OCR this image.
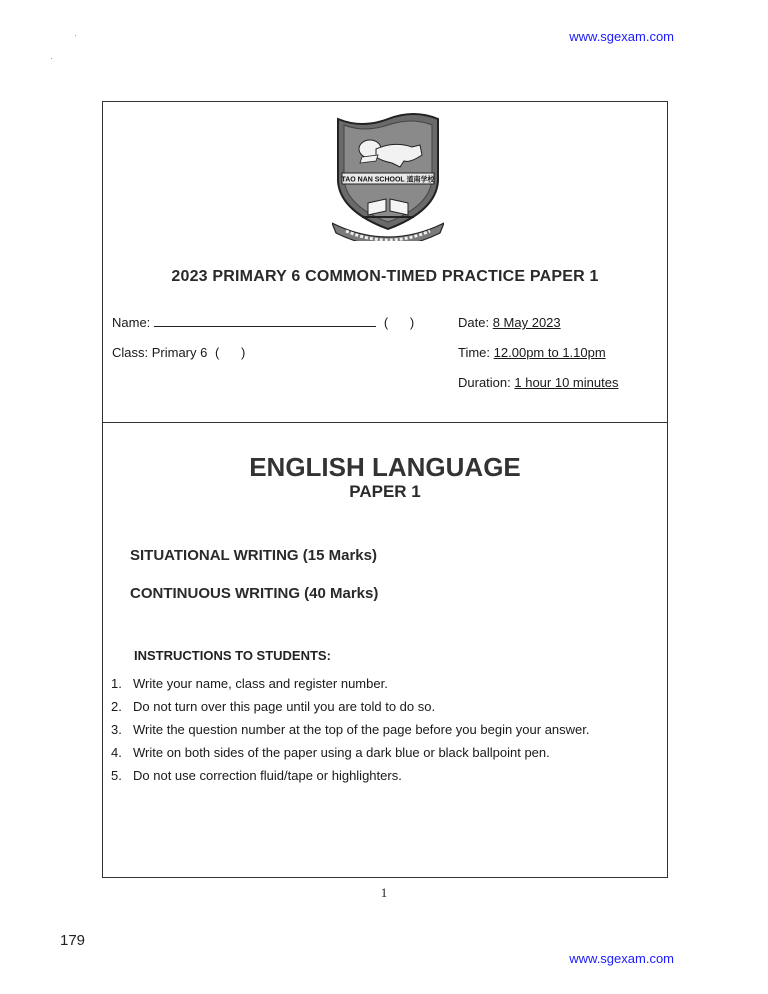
www.sgexam.com
TAO NAN SCHOOL 道南学校
2023 PRIMARY 6 COMMON-TIMED PRACTICE PAPER 1
Name:	(      )	Date: 8 May 2023
Class: Primary 6 (      )	Time: 12.00pm to 1.10pm
Duration: 1 hour 10 minutes
ENGLISH LANGUAGE
PAPER 1
SITUATIONAL WRITING (15 Marks)
CONTINUOUS WRITING (40 Marks)
INSTRUCTIONS TO STUDENTS:
1. Write your name, class and register number.
2. Do not turn over this page until you are told to do so.
3. Write the question number at the top of the page before you begin your answer.
4. Write on both sides of the paper using a dark blue or black ballpoint pen.
5. Do not use correction fluid/tape or highlighters.
1
179
www.sgexam.com
